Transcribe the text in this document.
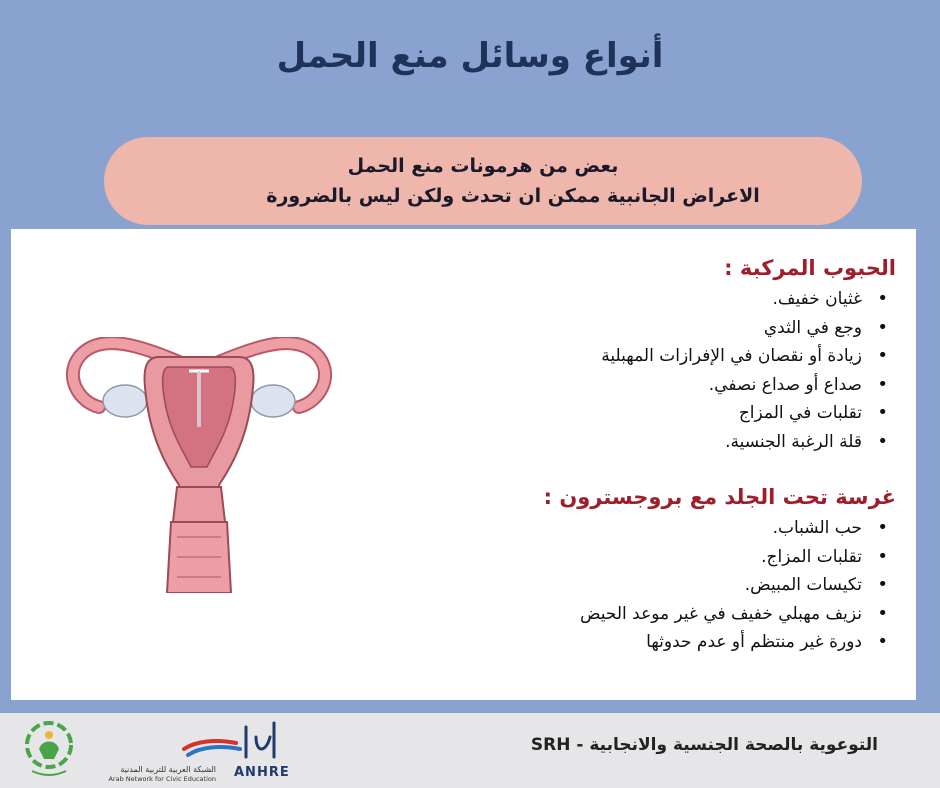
أنواع وسائل منع الحمل
بعض من هرمونات منع الحمل
الاعراض الجانبية ممكن ان تحدث ولكن ليس بالضرورة
الحبوب المركبة :
• غثيان خفيف.
• وجع في الثدي
• زيادة أو نقصان في الإفرازات المهبلية
• صداع أو صداع نصفي.
• تقلبات في المزاج
• قلة الرغبة الجنسية.
غرسة تحت الجلد مع بروجسترون :
• حب الشباب.
• تقلبات المزاج.
• تكيسات المبيض.
• نزيف مهبلي خفيف في غير موعد الحيض
• دورة غير منتظم أو عدم حدوثها
ANHRE
الشبكة العربية للتربية المدنية
Arab Network for Civic Education
التوعوية بالصحة الجنسية والانجابية - SRH
